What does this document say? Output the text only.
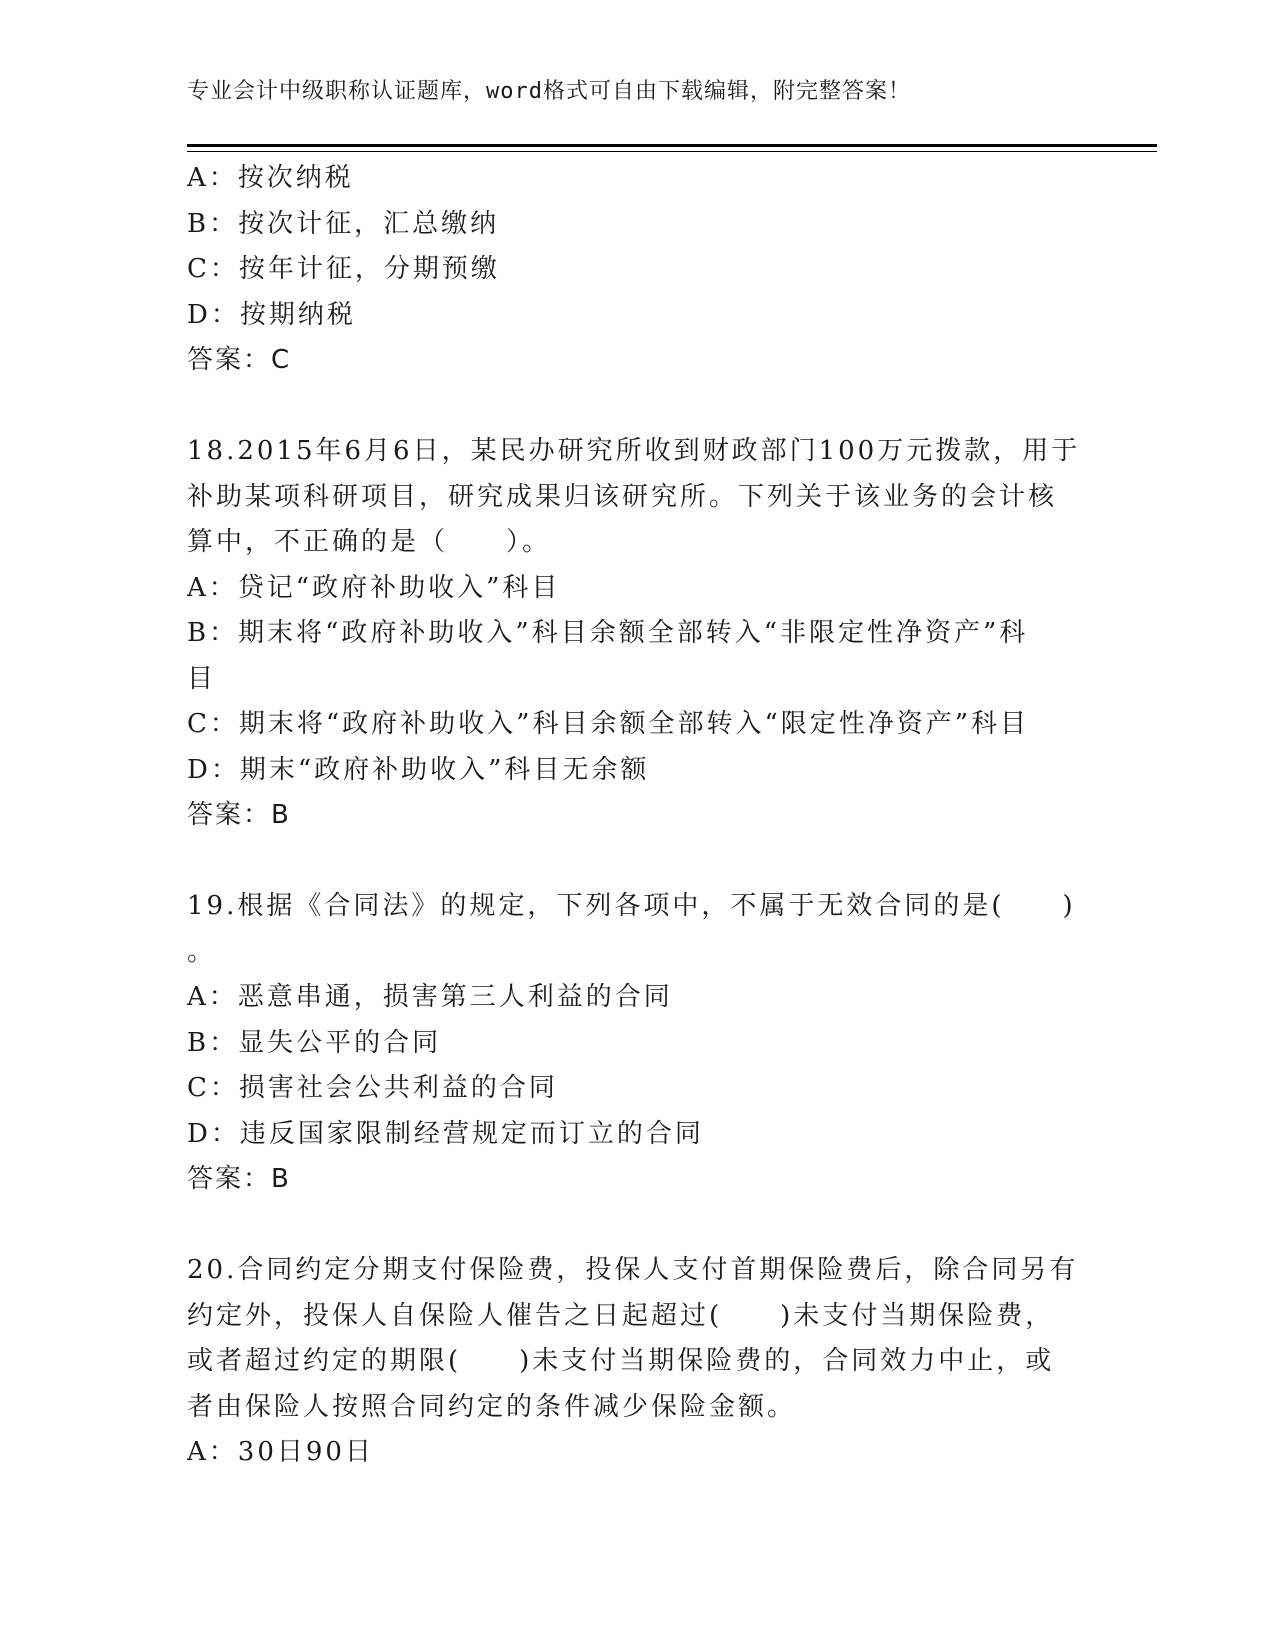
专业会计中级职称认证题库，word格式可自由下载编辑，附完整答案！
A：按次纳税
B：按次计征，汇总缴纳
C：按年计征，分期预缴
D：按期纳税
答案：C
18.2015年6月6日，某民办研究所收到财政部门100万元拨款，用于
补助某项科研项目，研究成果归该研究所。下列关于该业务的会计核
算中，不正确的是（　　）。
A：贷记“政府补助收入”科目
B：期末将“政府补助收入”科目余额全部转入“非限定性净资产”科
目
C：期末将“政府补助收入”科目余额全部转入“限定性净资产”科目
D：期末“政府补助收入”科目无余额
答案：B
19.根据《合同法》的规定，下列各项中，不属于无效合同的是(　　)
。
A：恶意串通，损害第三人利益的合同
B：显失公平的合同
C：损害社会公共利益的合同
D：违反国家限制经营规定而订立的合同
答案：B
20.合同约定分期支付保险费，投保人支付首期保险费后，除合同另有
约定外，投保人自保险人催告之日起超过(　　)未支付当期保险费，
或者超过约定的期限(　　)未支付当期保险费的，合同效力中止，或
者由保险人按照合同约定的条件减少保险金额。
A：30日90日
